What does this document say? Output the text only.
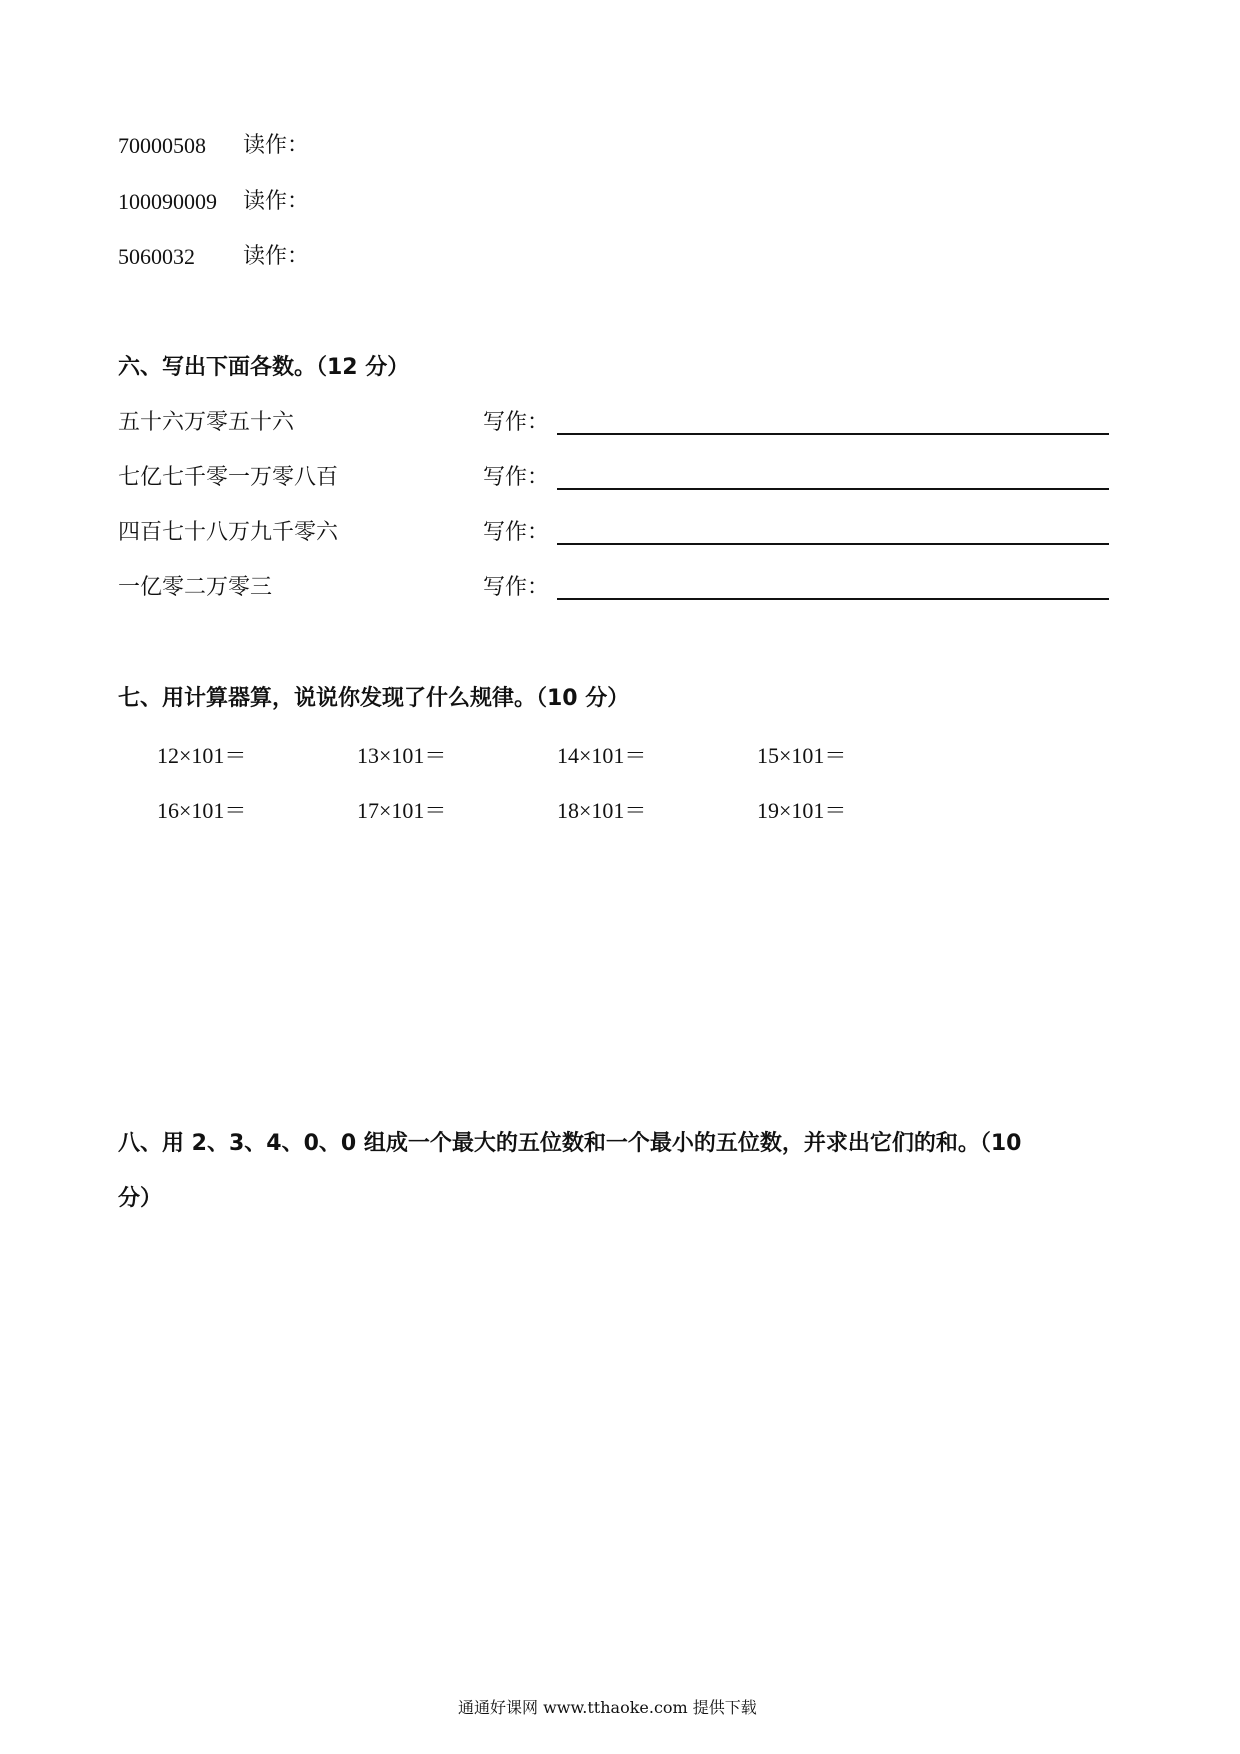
70000508 读作：
100090009 读作：
5060032 读作：
六、写出下面各数。（12 分）
五十六万零五十六	写作：
七亿七千零一万零八百	写作：
四百七十八万九千零六	写作：
一亿零二万零三	写作：
七、用计算器算，说说你发现了什么规律。（10 分）
12×101＝	13×101＝	14×101＝	15×101＝
16×101＝	17×101＝	18×101＝	19×101＝
八、用 2、3、4、0、0 组成一个最大的五位数和一个最小的五位数，并求出它们的和。（10
分）
通通好课网 www.tthaoke.com 提供下载
